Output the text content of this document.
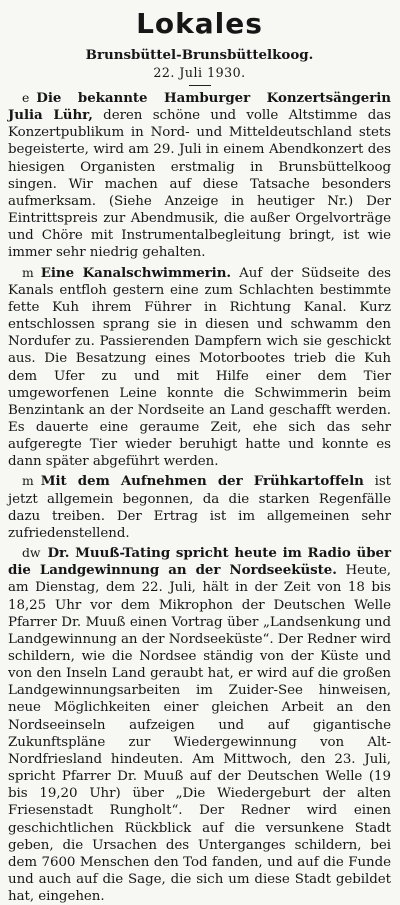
Lokales
Brunsbüttel-Brunsbüttelkoog.
22. Juli 1930.

e Die bekannte Hamburger Konzertsängerin Julia Lühr, deren schöne und volle Altstimme das Konzertpublikum in Nord- und Mitteldeutschland stets begeisterte, wird am 29. Juli in einem Abendkonzert des hiesigen Organisten erstmalig in Brunsbüttelkoog singen. Wir machen auf diese Tatsache besonders aufmerksam. (Siehe Anzeige in heutiger Nr.) Der Eintrittspreis zur Abendmusik, die außer Orgelvorträge und Chöre mit Instrumentalbegleitung bringt, ist wie immer sehr niedrig gehalten.

m Eine Kanalschwimmerin. Auf der Südseite des Kanals entfloh gestern eine zum Schlachten bestimmte fette Kuh ihrem Führer in Richtung Kanal. Kurz entschlossen sprang sie in diesen und schwamm den Nordufer zu. Passierenden Dampfern wich sie geschickt aus. Die Besatzung eines Motorbootes trieb die Kuh dem Ufer zu und mit Hilfe einer dem Tier umgeworfenen Leine konnte die Schwimmerin beim Benzintank an der Nordseite an Land geschafft werden. Es dauerte eine geraume Zeit, ehe sich das sehr aufgeregte Tier wieder beruhigt hatte und konnte es dann später abgeführt werden.

m Mit dem Aufnehmen der Frühkartoffeln ist jetzt allgemein begonnen, da die starken Regenfälle dazu treiben. Der Ertrag ist im allgemeinen sehr zufriedenstellend.

dw Dr. Muuß-Tating spricht heute im Radio über die Landgewinnung an der Nordseeküste. Heute, am Dienstag, dem 22. Juli, hält in der Zeit von 18 bis 18,25 Uhr vor dem Mikrophon der Deutschen Welle Pfarrer Dr. Muuß einen Vortrag über „Landsenkung und Landgewinnung an der Nordseeküste“. Der Redner wird schildern, wie die Nordsee ständig von der Küste und von den Inseln Land geraubt hat, er wird auf die großen Landgewinnungsarbeiten im Zuider-See hinweisen, neue Möglichkeiten einer gleichen Arbeit an den Nordseeinseln aufzeigen und auf gigantische Zukunftspläne zur Wiedergewinnung von Alt-Nordfriesland hindeuten. Am Mittwoch, den 23. Juli, spricht Pfarrer Dr. Muuß auf der Deutschen Welle (19 bis 19,20 Uhr) über „Die Wiedergeburt der alten Friesenstadt Rungholt“. Der Redner wird einen geschichtlichen Rückblick auf die versunkene Stadt geben, die Ursachen des Unterganges schildern, bei dem 7600 Menschen den Tod fanden, und auf die Funde und auch auf die Sage, die sich um diese Stadt gebildet hat, eingehen.
